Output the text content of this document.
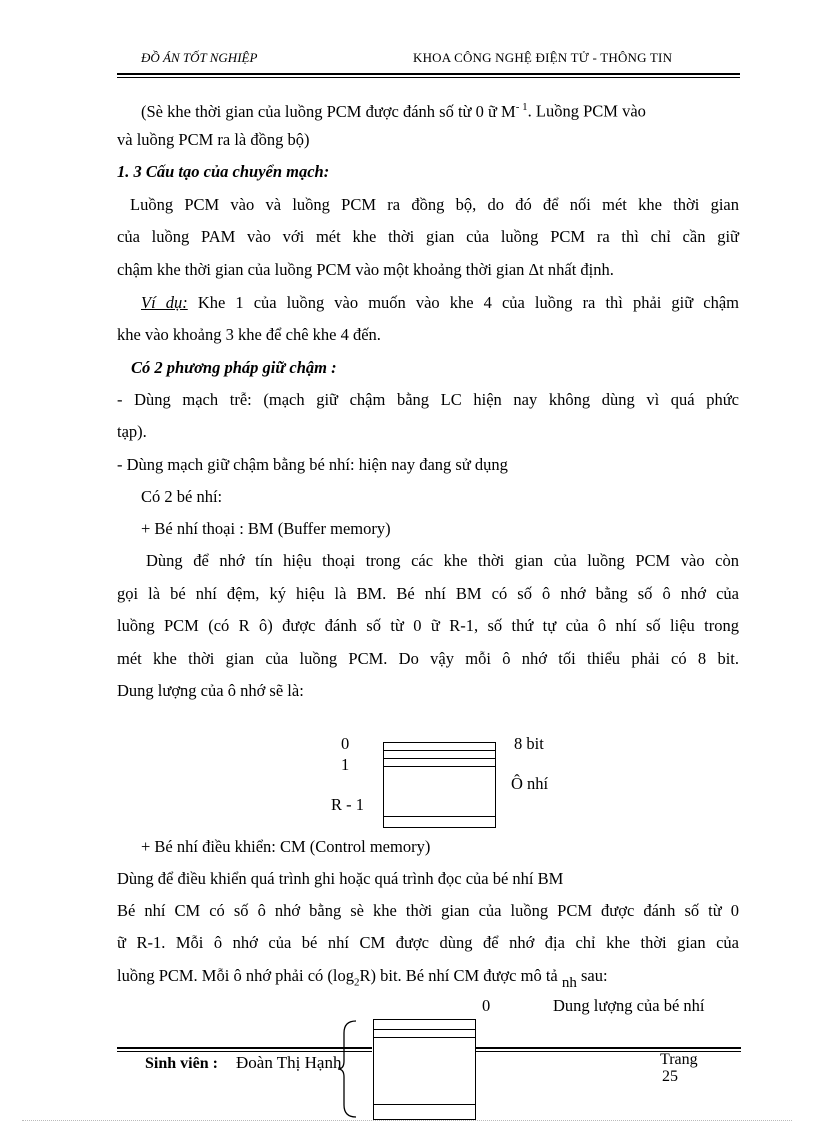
ĐỒ ÁN TỐT NGHIỆP	KHOA CÔNG NGHỆ ĐIỆN TỬ - THÔNG TIN
(Sè khe thời gian của luồng PCM được đánh số từ 0 ữ $M^{- 1}$. Luồng PCM vào
và luồng PCM ra là đồng bộ)
1. 3 Cấu tạo của chuyển mạch:
Luồng PCM vào và luồng PCM ra đồng bộ, do đó để nối mét khe thời gian
của luồng PAM vào với mét khe thời gian của luồng PCM ra thì chỉ cần giữ
chậm khe thời gian của luồng PCM vào một khoảng thời gian Δt nhất định.
Ví dụ: Khe 1 của luồng vào muốn vào khe 4 của luồng ra thì phải giữ chậm
khe vào khoảng 3 khe để chê khe 4 đến.
Có 2 phương pháp giữ chậm :
- Dùng mạch trễ: (mạch giữ chậm bằng LC hiện nay không dùng vì quá phức
tạp).
- Dùng mạch giữ chậm bằng bé nhí: hiện nay đang sử dụng
Có 2 bé nhí:
+ Bé nhí thoại : BM (Buffer memory)
Dùng để nhớ tín hiệu thoại trong các khe thời gian của luồng PCM vào còn
gọi là bé nhí đệm, ký hiệu là BM. Bé nhí BM có số ô nhớ bằng số ô nhớ của
luồng PCM (có R ô) được đánh số từ 0 ữ R-1, số thứ tự của ô nhí số liệu trong
mét khe thời gian của luồng PCM. Do vậy mỗi ô nhớ tối thiểu phải có 8 bit.
Dung lượng của ô nhớ sẽ là:
0
1
R - 1
8 bit
Ô nhí
+ Bé nhí điều khiển: CM (Control memory)
Dùng để điều khiển quá trình ghi hoặc quá trình đọc của bé nhí BM
Bé nhí CM có số ô nhớ bằng sè khe thời gian của luồng PCM được đánh số từ 0
ữ R-1. Mỗi ô nhớ của bé nhí CM được dùng để nhớ địa chỉ khe thời gian của
luồng PCM. Mỗi ô nhớ phải có $(\log_2R)$ bit. Bé nhí CM được mô tả nh sau:
0	Dung lượng của bé nhí
Sinh viên : Đoàn Thị Hạnh	Trang
25
